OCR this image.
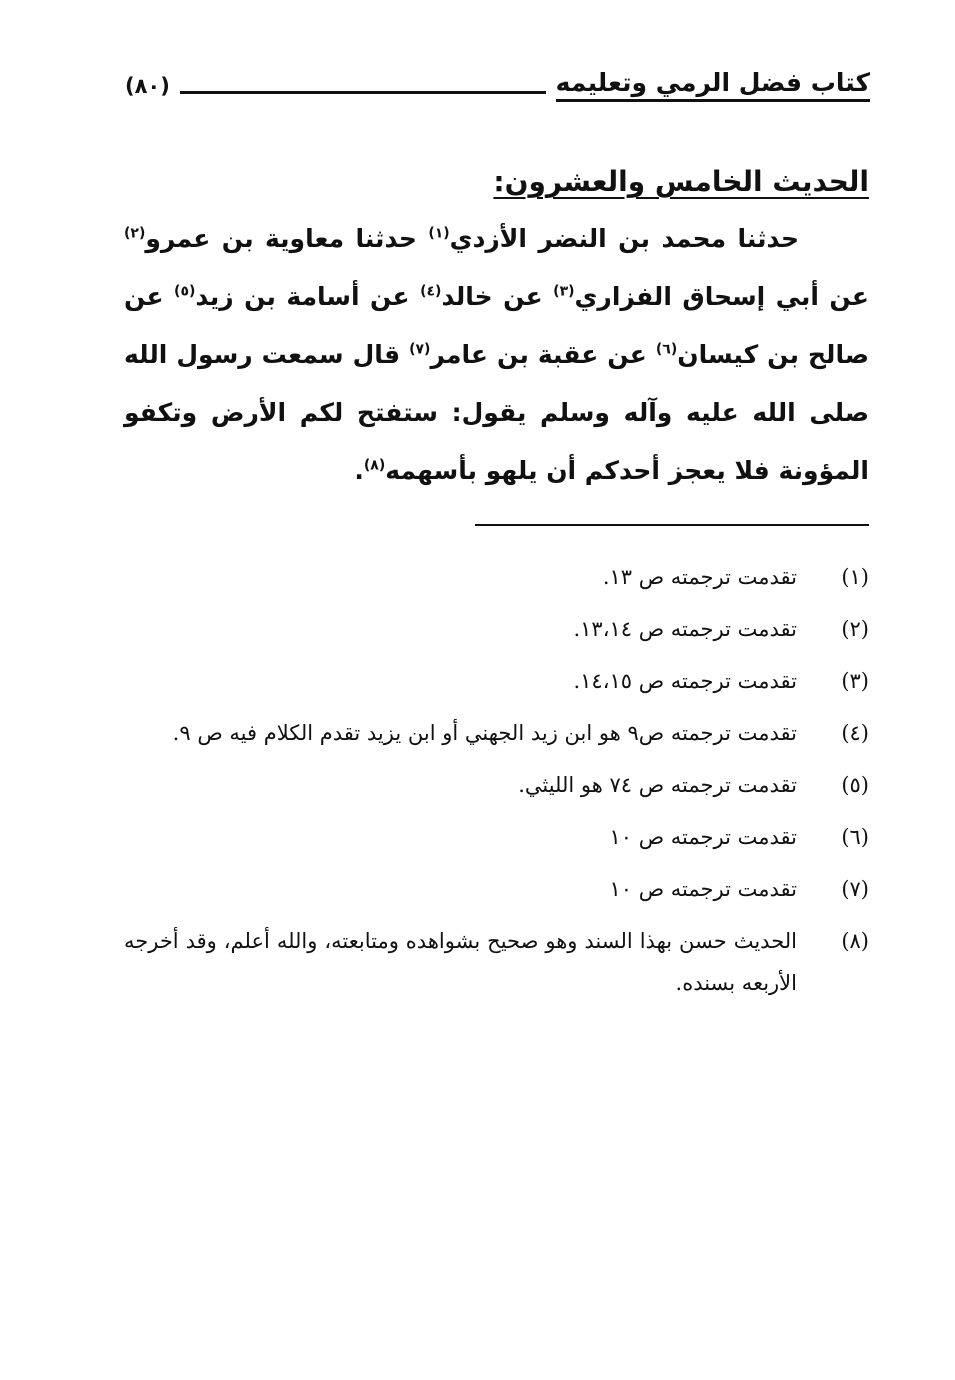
كتاب فضل الرمي وتعليمه
(٨٠)
الحديث الخامس والعشرون:

حدثنا محمد بن النضر الأزدي$^{(١)}$ حدثنا معاوية بن عمرو$^{(٢)}$ عن أبي إسحاق الفزاري$^{(٣)}$ عن خالد$^{(٤)}$ عن أسامة بن زيد$^{(٥)}$ عن صالح بن كيسان$^{(٦)}$ عن عقبة بن عامر$^{(٧)}$ قال سمعت رسول الله صلى الله عليه وآله وسلم يقول: ستفتح لكم الأرض وتكفو المؤونة فلا يعجز أحدكم أن يلهو بأسهمه$^{(٨)}$.

(١)
تقدمت ترجمته ص ١٣.
(٢)
تقدمت ترجمته ص ١٣،١٤.
(٣)
تقدمت ترجمته ص ١٤،١٥.
(٤)
تقدمت ترجمته ص٩ هو ابن زيد الجهني أو ابن يزيد تقدم الكلام فيه ص ٩.
(٥)
تقدمت ترجمته ص ٧٤ هو الليثي.
(٦)
تقدمت ترجمته ص ١٠
(٧)
تقدمت ترجمته ص ١٠
(٨)
الحديث حسن بهذا السند وهو صحيح بشواهده ومتابعته، والله أعلم، وقد أخرجه الأربعه بسنده.
